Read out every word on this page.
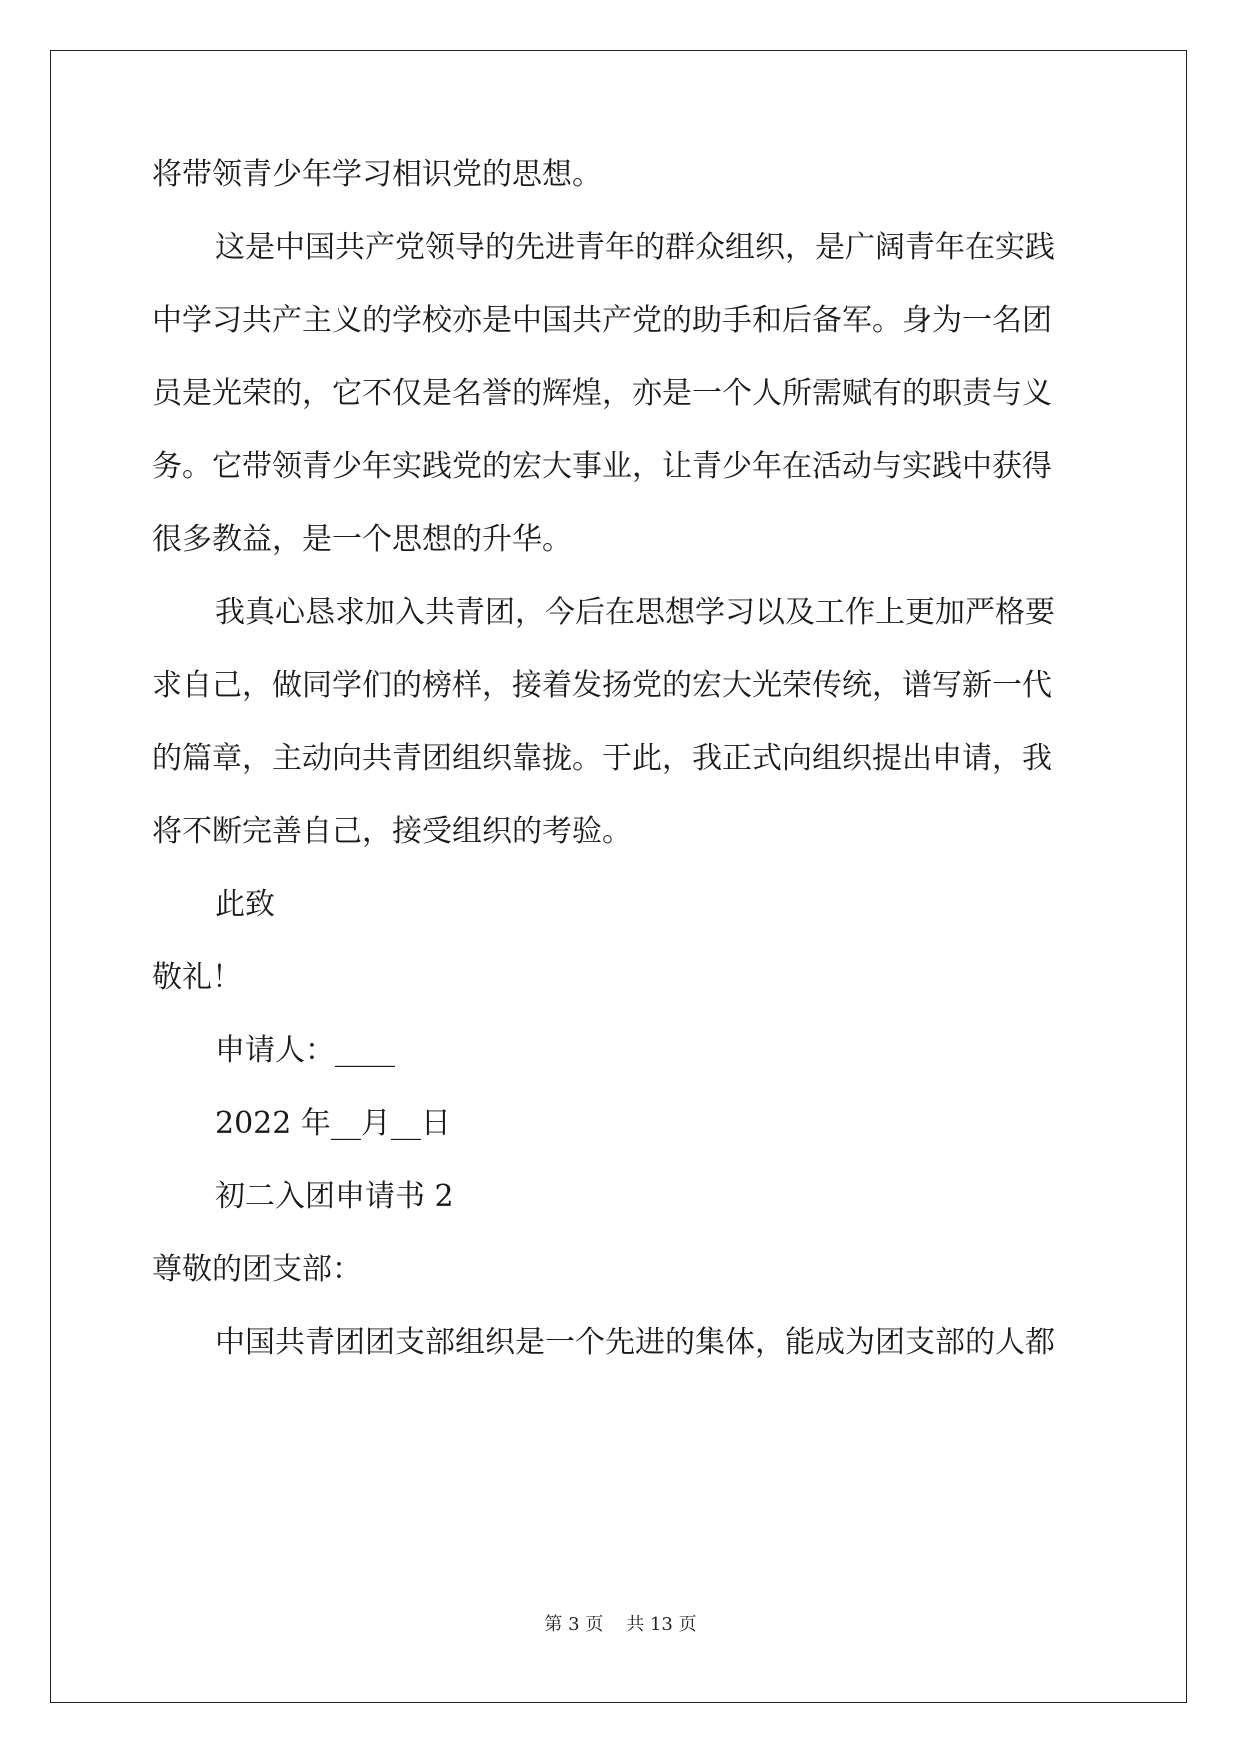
将带领青少年学习相识党的思想。
这是中国共产党领导的先进青年的群众组织，是广阔青年在实践
中学习共产主义的学校亦是中国共产党的助手和后备军。身为一名团
员是光荣的，它不仅是名誉的辉煌，亦是一个人所需赋有的职责与义
务。它带领青少年实践党的宏大事业，让青少年在活动与实践中获得
很多教益，是一个思想的升华。
我真心恳求加入共青团，今后在思想学习以及工作上更加严格要
求自己，做同学们的榜样，接着发扬党的宏大光荣传统，谱写新一代
的篇章，主动向共青团组织靠拢。于此，我正式向组织提出申请，我
将不断完善自己，接受组织的考验。
此致
敬礼！
申请人：____
2022 年__月__日
初二入团申请书 2
尊敬的团支部：
中国共青团团支部组织是一个先进的集体，能成为团支部的人都
第 3 页 共 13 页
